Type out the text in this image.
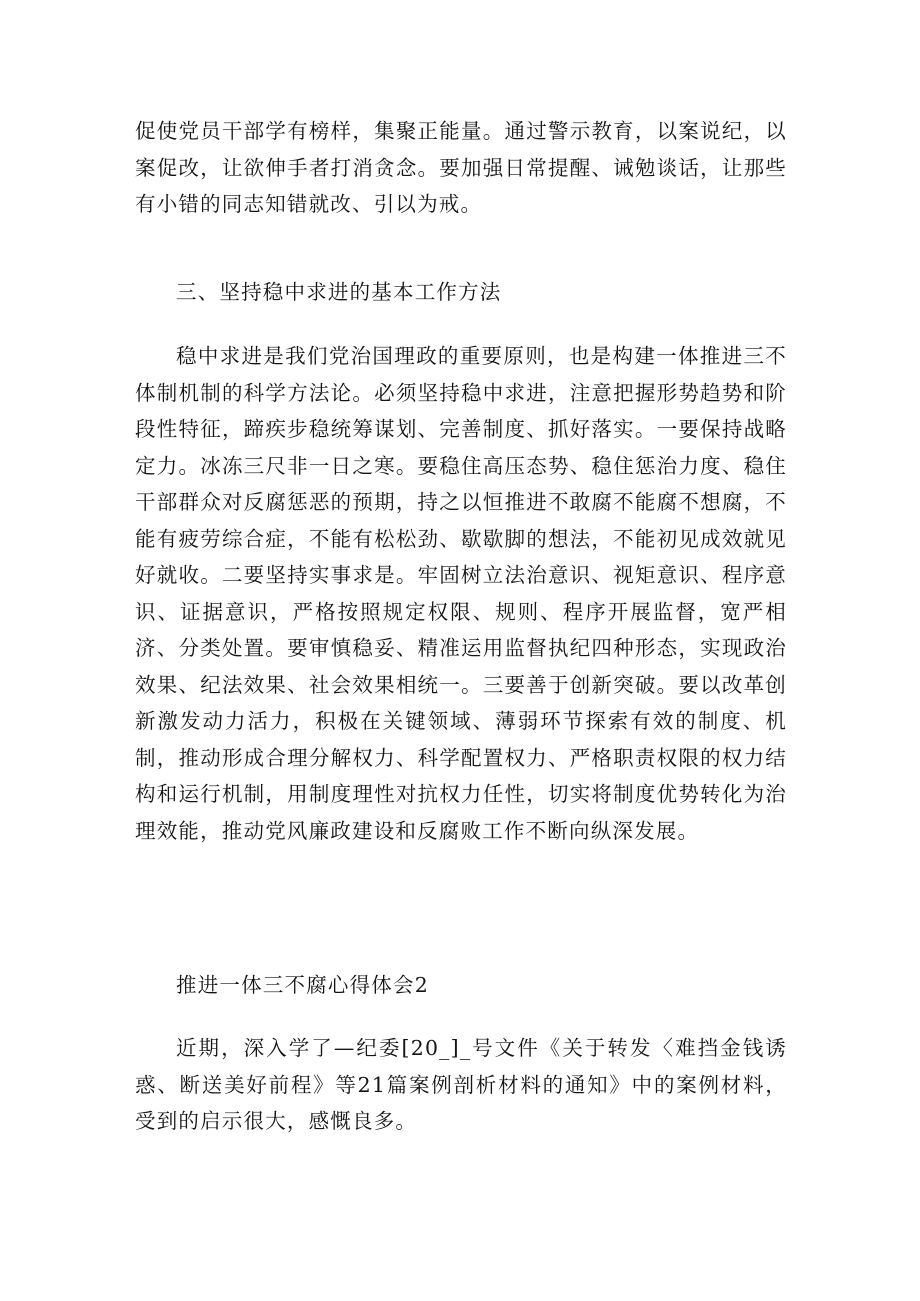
促使党员干部学有榜样，集聚正能量。通过警示教育，以案说纪，以案促改，让欲伸手者打消贪念。要加强日常提醒、诫勉谈话，让那些有小错的同志知错就改、引以为戒。

三、坚持稳中求进的基本工作方法

稳中求进是我们党治国理政的重要原则，也是构建一体推进三不体制机制的科学方法论。必须坚持稳中求进，注意把握形势趋势和阶段性特征，蹄疾步稳统筹谋划、完善制度、抓好落实。一要保持战略定力。冰冻三尺非一日之寒。要稳住高压态势、稳住惩治力度、稳住干部群众对反腐惩恶的预期，持之以恒推进不敢腐不能腐不想腐，不能有疲劳综合症，不能有松松劲、歇歇脚的想法，不能初见成效就见好就收。二要坚持实事求是。牢固树立法治意识、视矩意识、程序意识、证据意识，严格按照规定权限、规则、程序开展监督，宽严相济、分类处置。要审慎稳妥、精准运用监督执纪四种形态，实现政治效果、纪法效果、社会效果相统一。三要善于创新突破。要以改革创新激发动力活力，积极在关键领域、薄弱环节探索有效的制度、机制，推动形成合理分解权力、科学配置权力、严格职责权限的权力结构和运行机制，用制度理性对抗权力任性，切实将制度优势转化为治理效能，推动党风廉政建设和反腐败工作不断向纵深发展。

推进一体三不腐心得体会2

近期，深入学了—纪委[20_]_号文件《关于转发〈难挡金钱诱惑、断送美好前程》等21篇案例剖析材料的通知》中的案例材料，受到的启示很大，感慨良多。
